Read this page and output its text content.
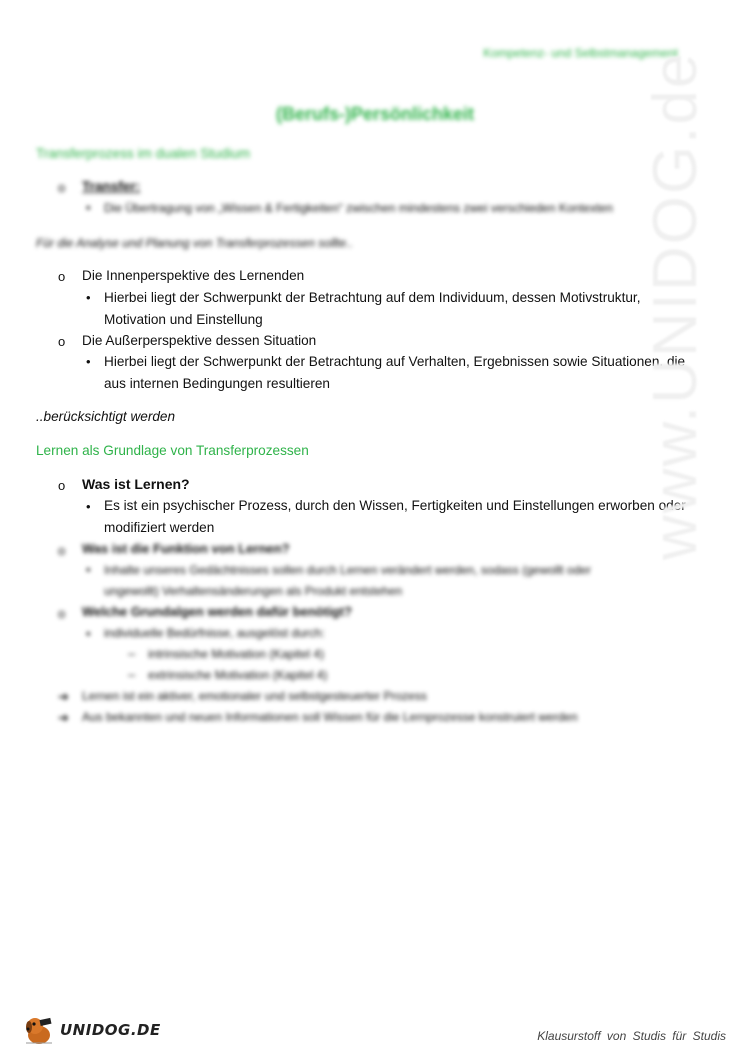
Kompetenz- und Selbstmanagement
(Berufs-)Persönlichkeit
Transferprozess im dualen Studium
o Transfer:
• Die Übertragung von „Wissen & Fertigkeiten“ zwischen mindestens zwei verschieden Kontexten
Für die Analyse und Planung von Transferprozessen sollte..
o Die Innenperspektive des Lernenden
• Hierbei liegt der Schwerpunkt der Betrachtung auf dem Individuum, dessen Motivstruktur,
Motivation und Einstellung
o Die Außerperspektive dessen Situation
• Hierbei liegt der Schwerpunkt der Betrachtung auf Verhalten, Ergebnissen sowie Situationen, die
aus internen Bedingungen resultieren
..berücksichtigt werden
Lernen als Grundlage von Transferprozessen
o Was ist Lernen?
• Es ist ein psychischer Prozess, durch den Wissen, Fertigkeiten und Einstellungen erworben oder
modifiziert werden
o Was ist die Funktion von Lernen?
• Inhalte unseres Gedächtnisses sollen durch Lernen verändert werden, sodass (gewollt oder
ungewollt) Verhaltensänderungen als Produkt entstehen
o Welche Grundalgen werden dafür benötigt?
• individuelle Bedürfnisse, ausgelöst durch:
– intrinsische Motivation (Kapitel 4)
– extrinsische Motivation (Kapitel 4)
➔ Lernen ist ein aktiver, emotionaler und selbstgesteuerter Prozess
➔ Aus bekannten und neuen Informationen soll Wissen für die Lernprozesse konstruiert werden
www.UNIDOG.de
UNIDOG.DE	Klausurstoff von Studis für Studis
